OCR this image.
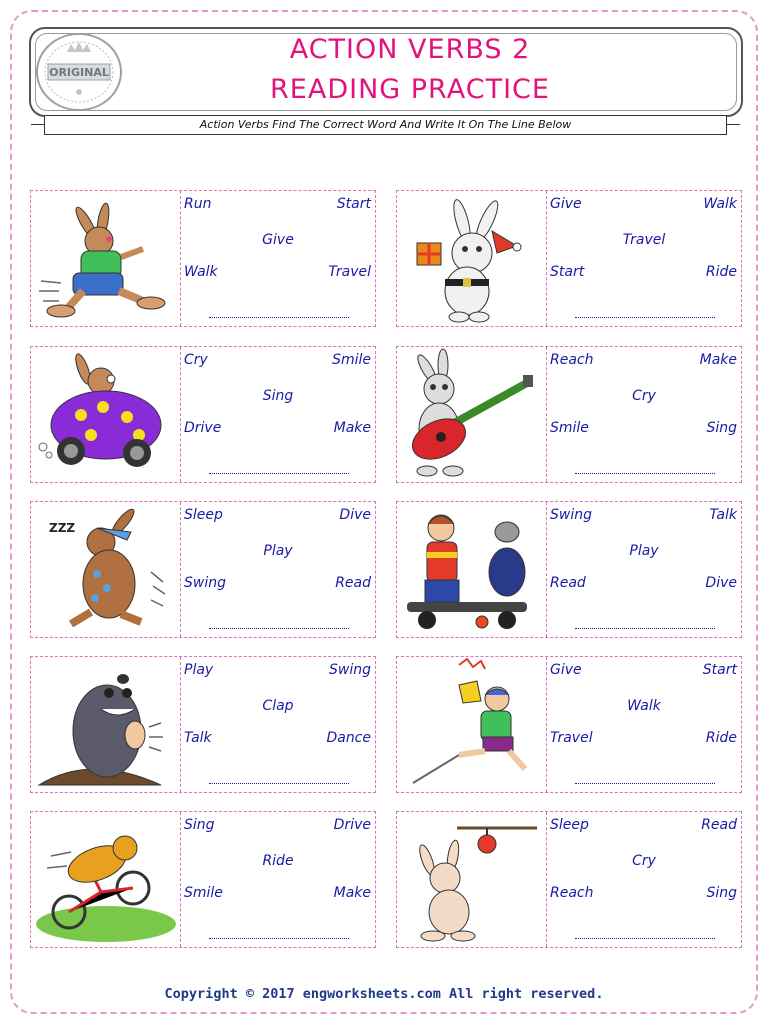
ORIGINAL
ACTION VERBS 2
READING PRACTICE
Action Verbs Find The Correct Word And Write It On The Line Below
Run	Start
Give
Walk	Travel
Give	Walk
Travel
Start	Ride
Cry	Smile
Sing
Drive	Make
Reach	Make
Cry
Smile	Sing
ZZZ
Sleep	Dive
Play
Swing	Read
Swing	Talk
Play
Read	Dive
Play	Swing
Clap
Talk	Dance
Give	Start
Walk
Travel	Ride
Sing	Drive
Ride
Smile	Make
Sleep	Read
Cry
Reach	Sing
Copyright © 2017 engworksheets.com All right reserved.
